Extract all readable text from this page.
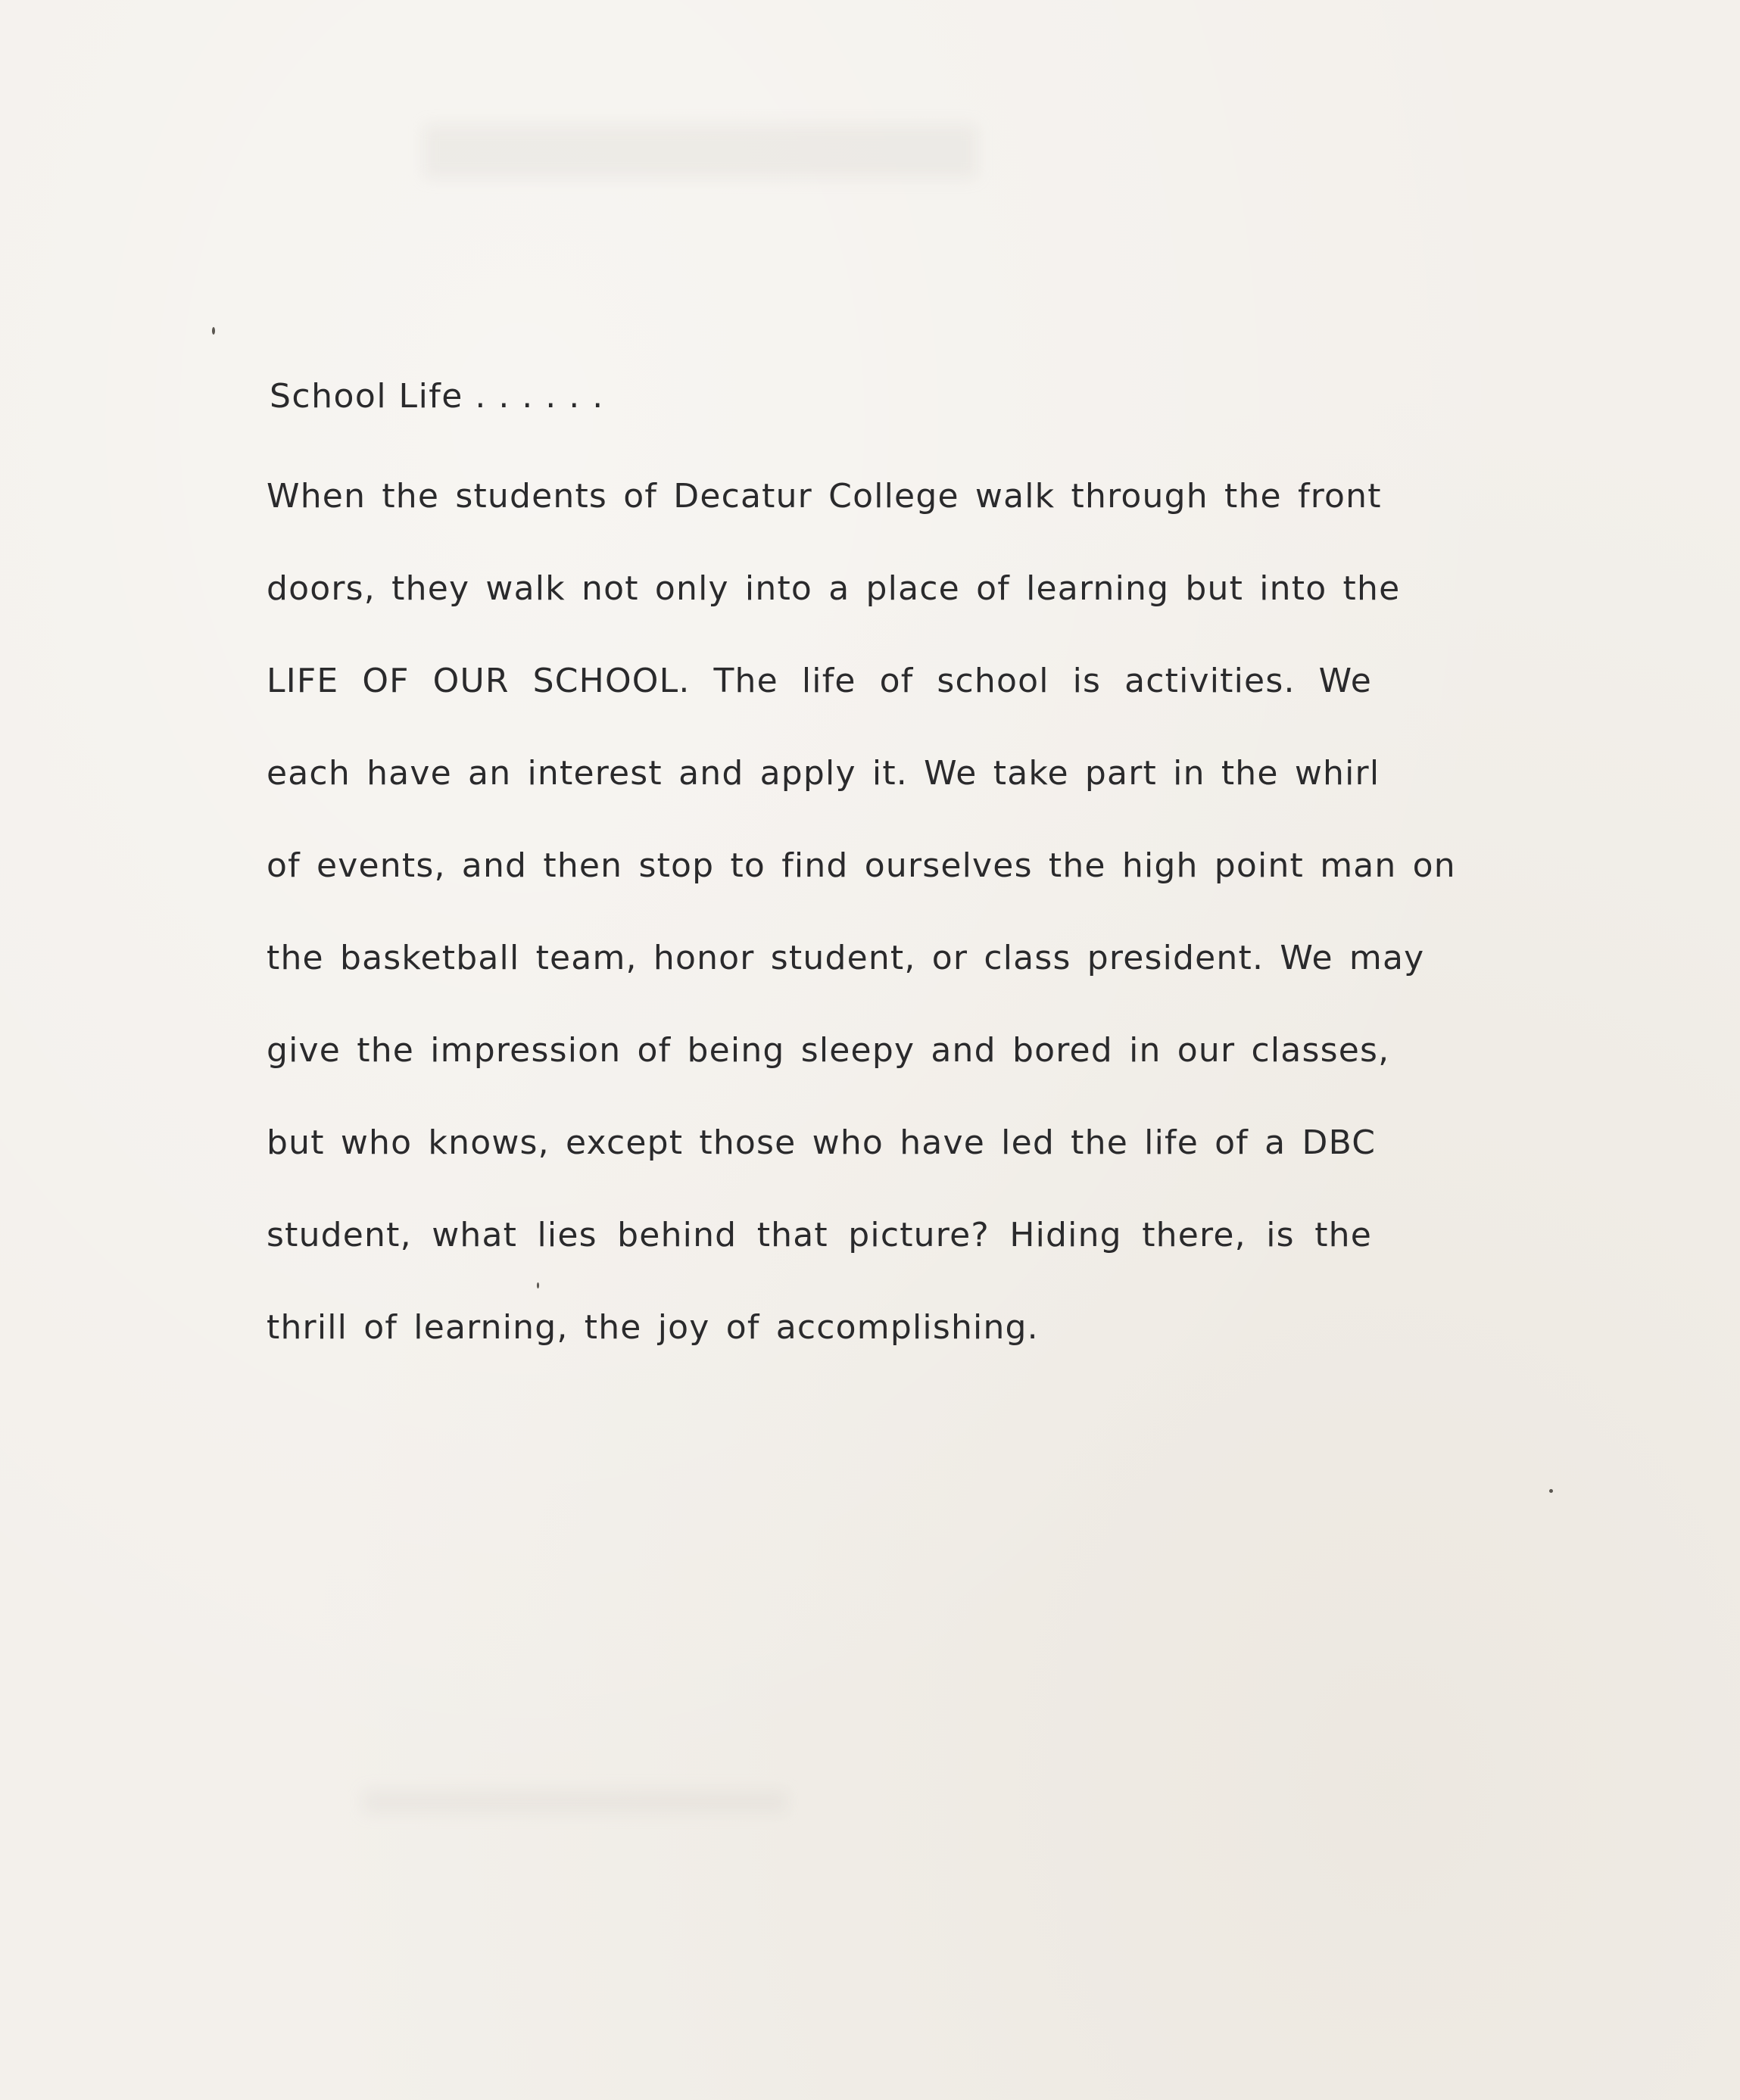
School Life . . . . . .
When the students of Decatur College walk through the front
doors, they walk not only into a place of learning but into the
LIFE OF OUR SCHOOL. The life of school is activities. We
each have an interest and apply it. We take part in the whirl
of events, and then stop to find ourselves the high point man on
the basketball team, honor student, or class president. We may
give the impression of being sleepy and bored in our classes,
but who knows, except those who have led the life of a DBC
student, what lies behind that picture? Hiding there, is the
thrill of learning, the joy of accomplishing.
